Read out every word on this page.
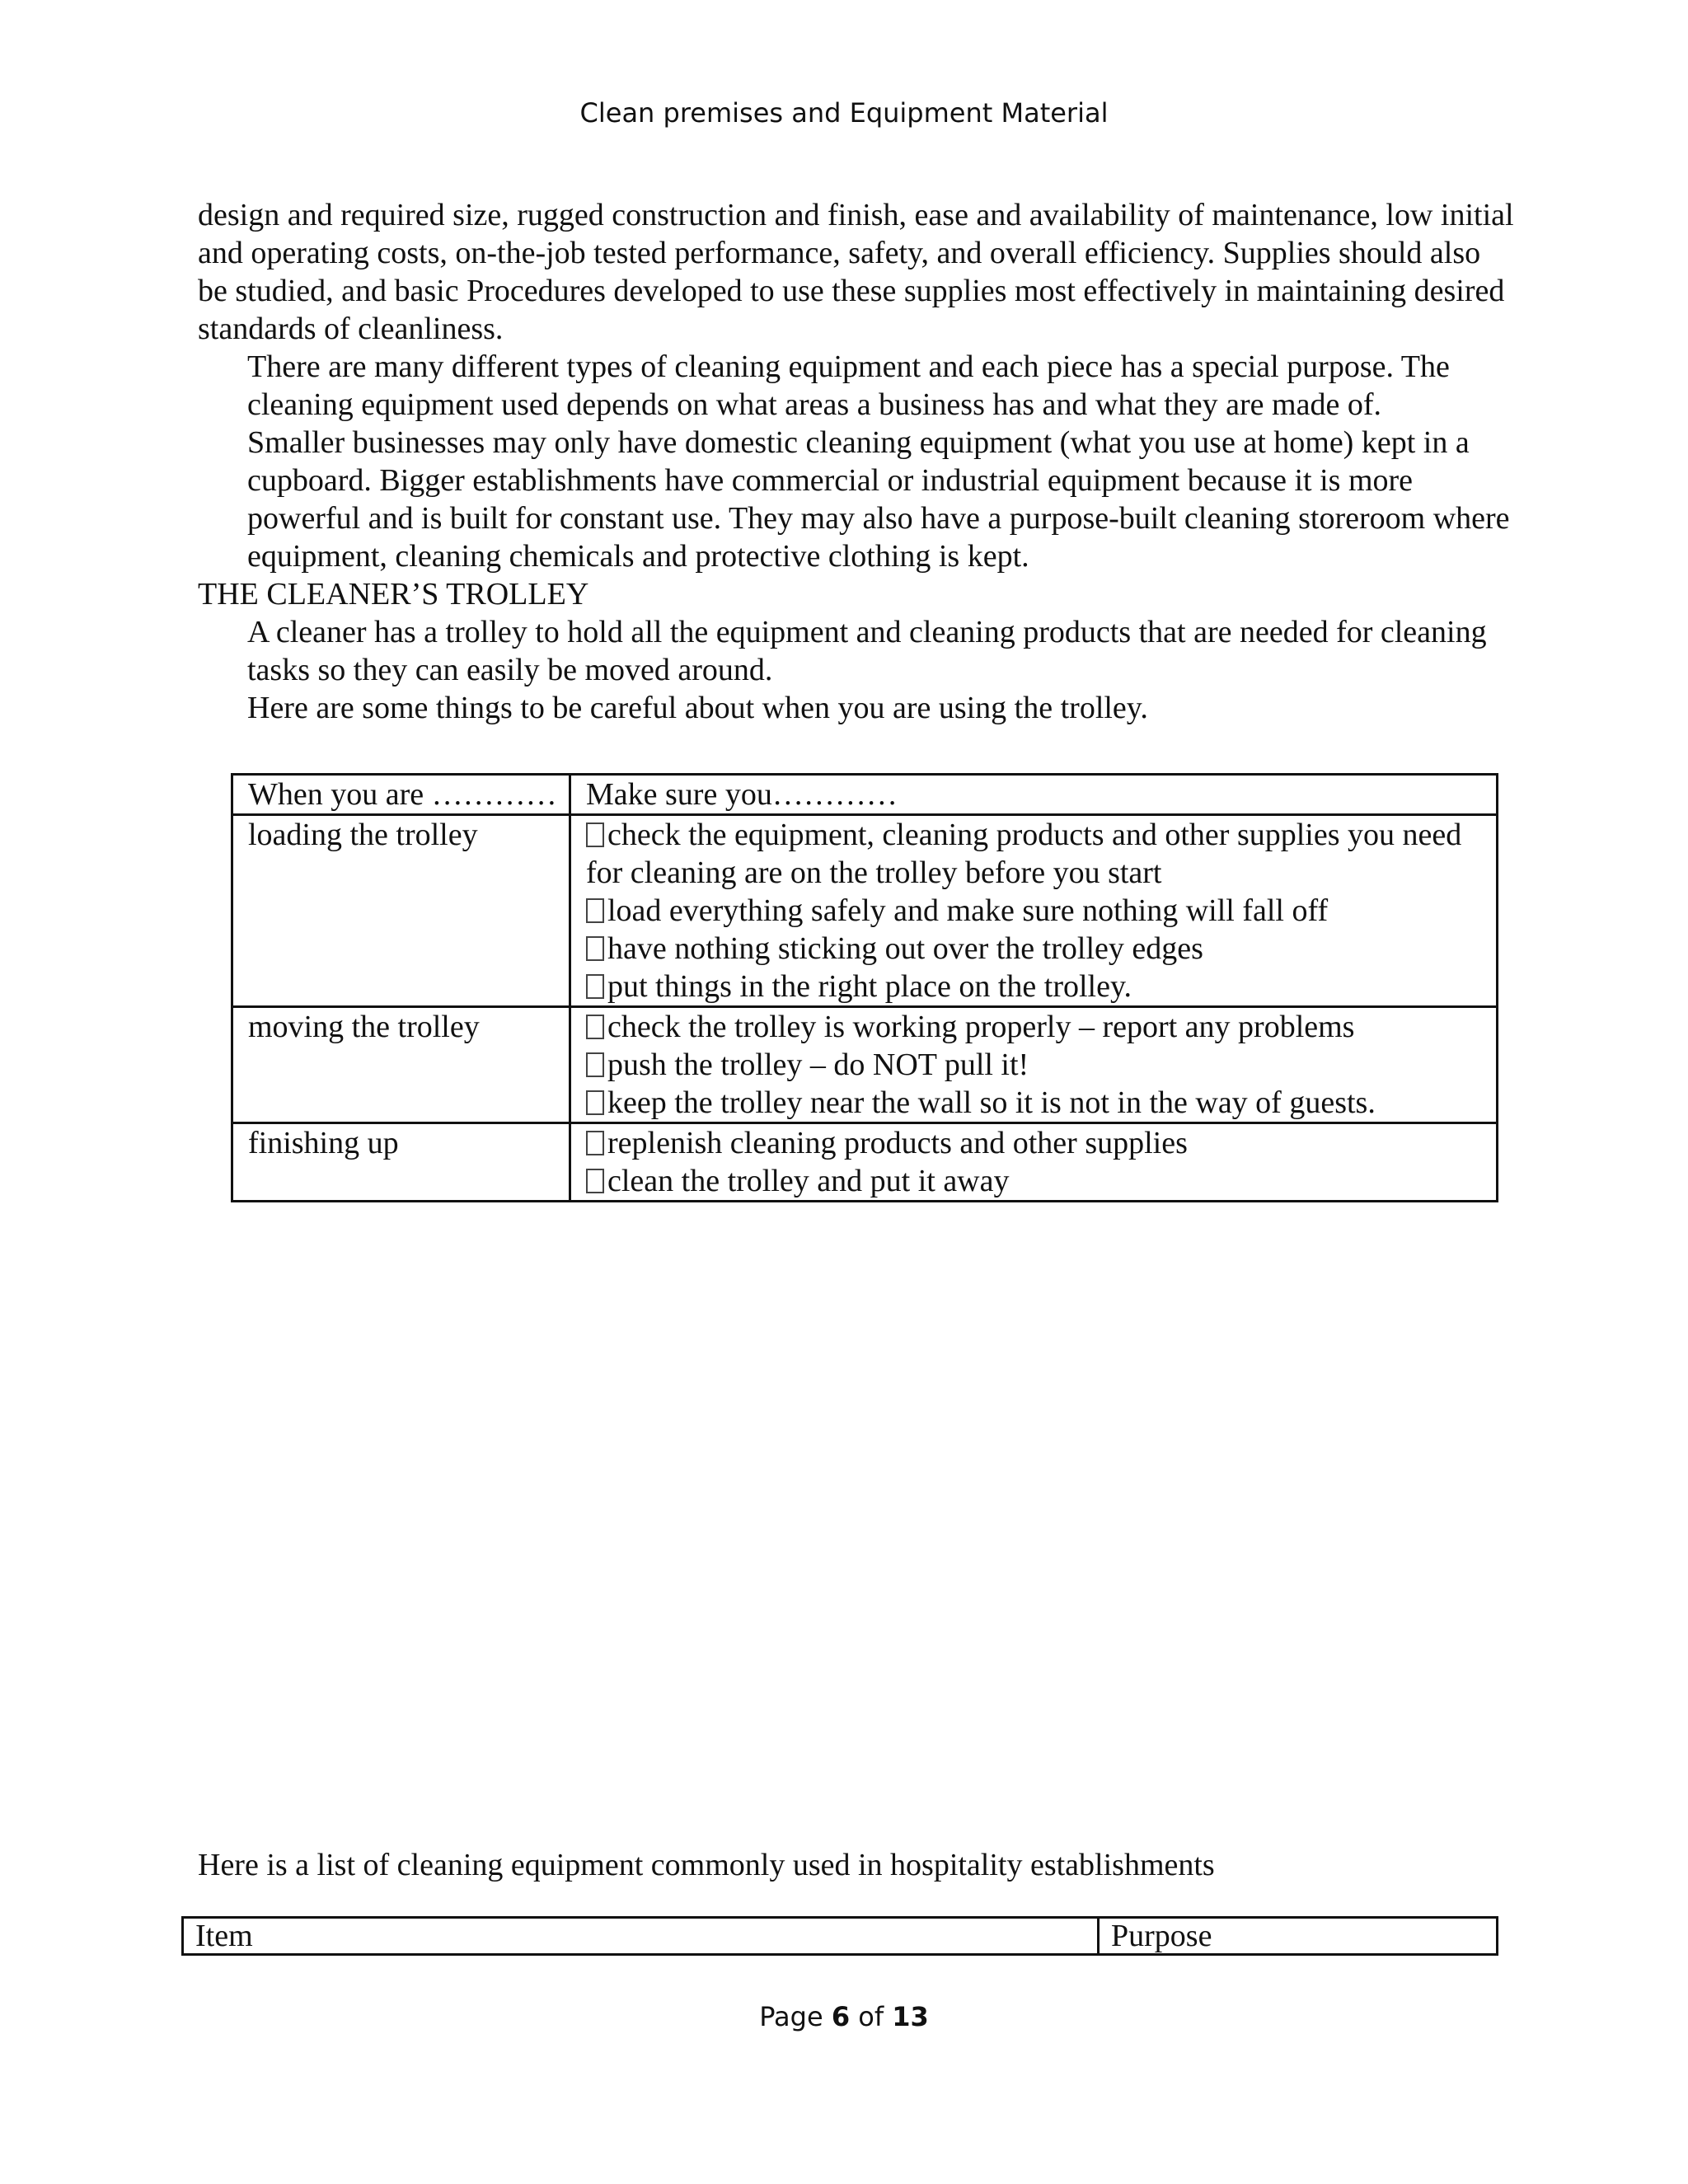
Clean premises and Equipment Material

design and required size, rugged construction and finish, ease and availability of maintenance, low initial and operating costs, on-the-job tested performance, safety, and overall efficiency. Supplies should also be studied, and basic Procedures developed to use these supplies most effectively in maintaining desired standards of cleanliness.

There are many different types of cleaning equipment and each piece has a special purpose. The cleaning equipment used depends on what areas a business has and what they are made of.

Smaller businesses may only have domestic cleaning equipment (what you use at home) kept in a cupboard. Bigger establishments have commercial or industrial equipment because it is more powerful and is built for constant use. They may also have a purpose-built cleaning storeroom where equipment, cleaning chemicals and protective clothing is kept.

THE CLEANER’S TROLLEY

A cleaner has a trolley to hold all the equipment and cleaning products that are needed for cleaning tasks so they can easily be moved around.

Here are some things to be careful about when you are using the trolley.

When you are …………	Make sure you…………
loading the trolley	check the equipment, cleaning products and other supplies you need for cleaning are on the trolley before you start
load everything safely and make sure nothing will fall off
have nothing sticking out over the trolley edges
put things in the right place on the trolley.

moving the trolley	check the trolley is working properly – report any problems
push the trolley – do NOT pull it!
keep the trolley near the wall so it is not in the way of guests.

finishing up	replenish cleaning products and other supplies
clean the trolley and put it away
Here is a list of cleaning equipment commonly used in hospitality establishments
Item	Purpose
Page 6 of 13
